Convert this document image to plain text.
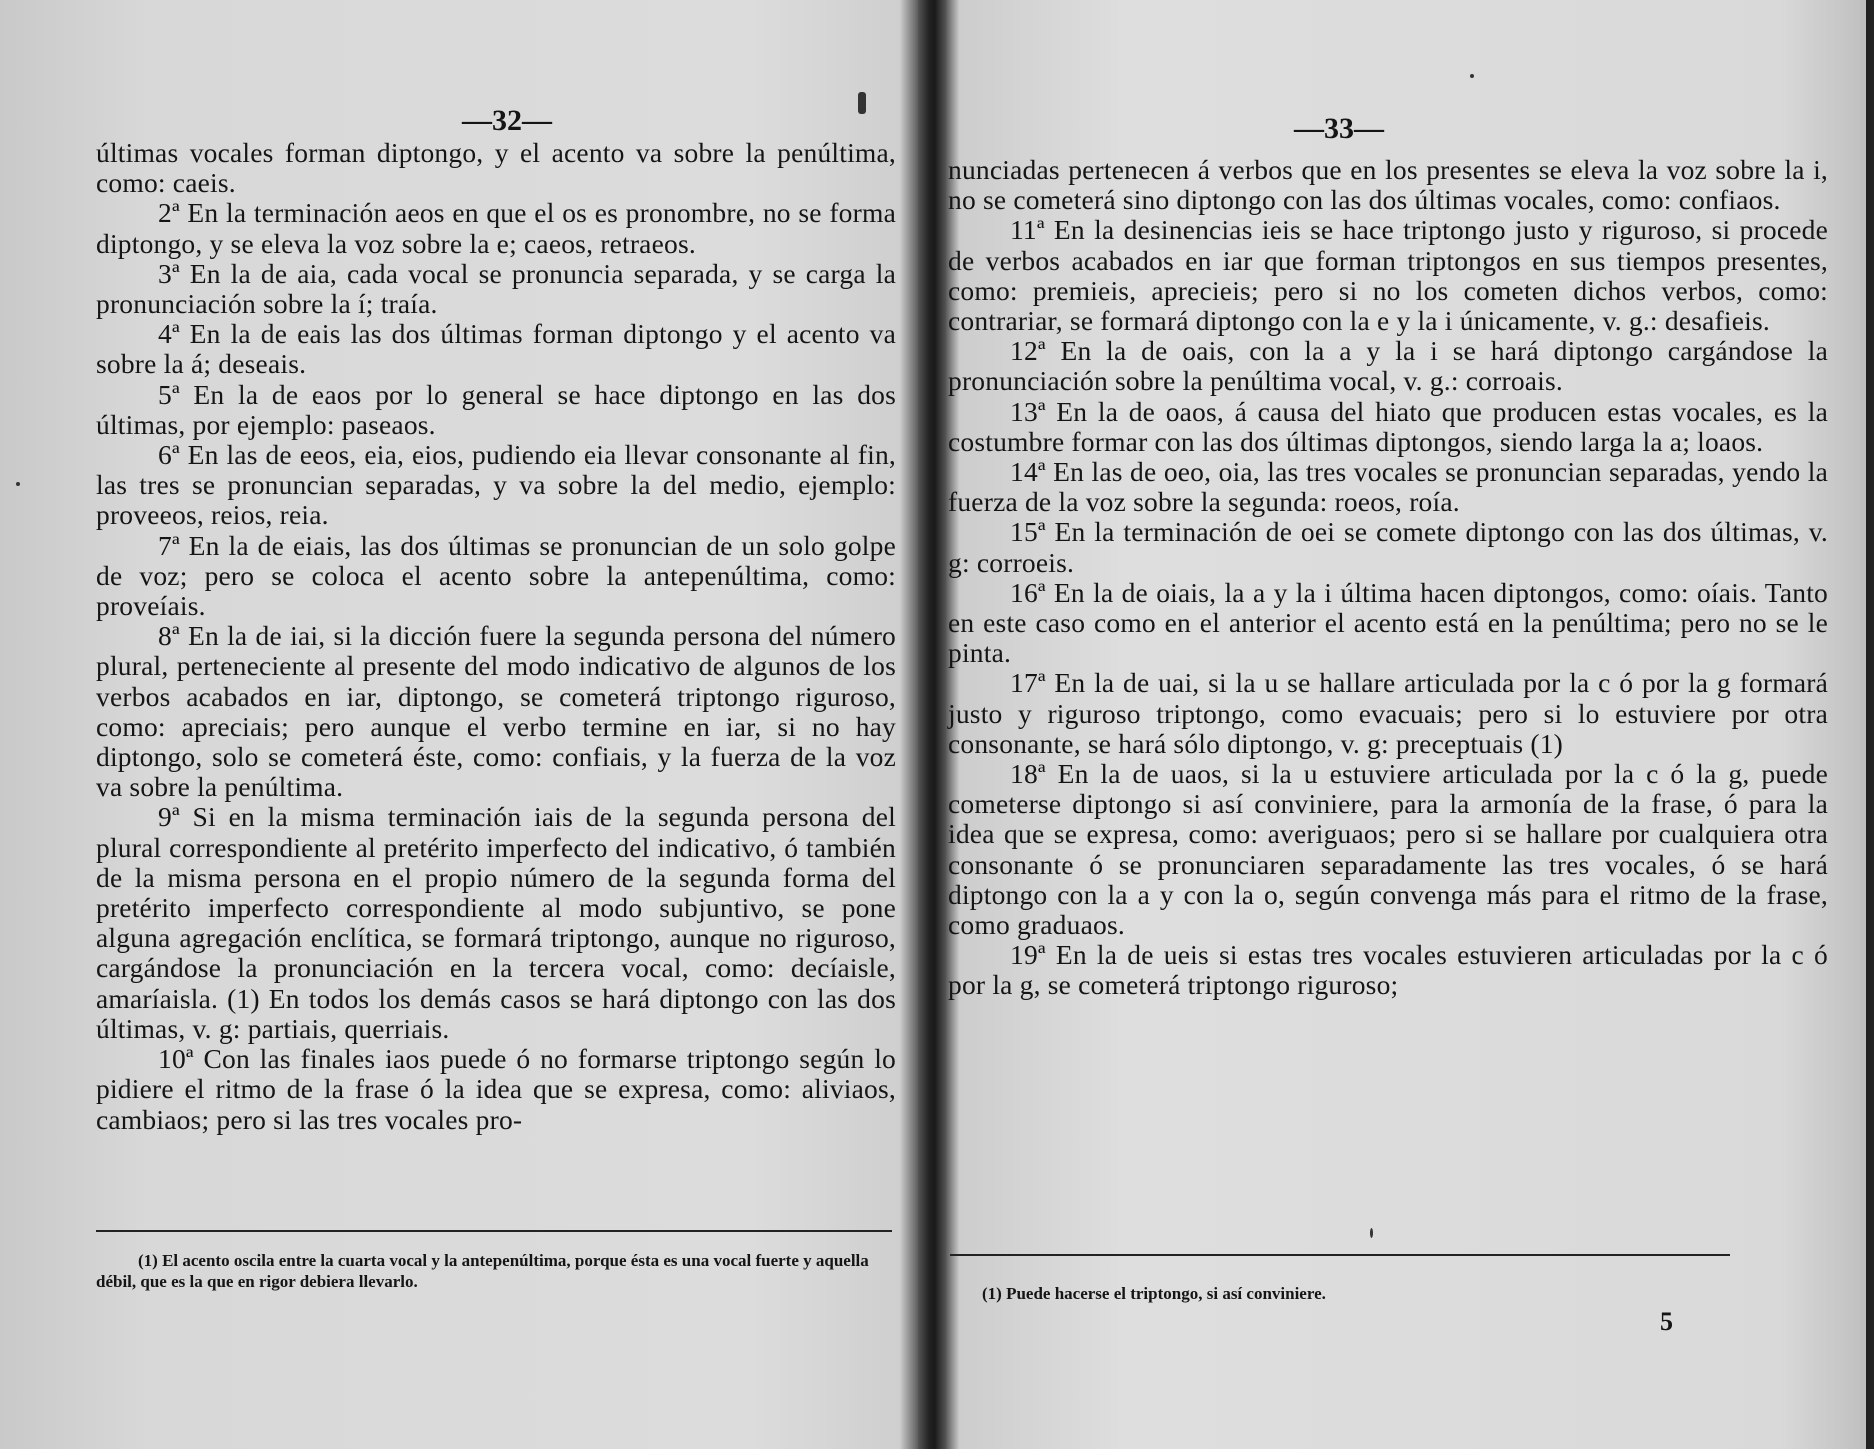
—32—

últimas vocales forman diptongo, y el acento va sobre la penúltima, como: caeis.

2ª En la terminación aeos en que el os es pronombre, no se forma diptongo, y se eleva la voz sobre la e; caeos, retraeos.

3ª En la de aia, cada vocal se pronuncia separada, y se carga la pronunciación sobre la í; traía.

4ª En la de eais las dos últimas forman diptongo y el acento va sobre la á; deseais.

5ª En la de eaos por lo general se hace diptongo en las dos últimas, por ejemplo: paseaos.

6ª En las de eeos, eia, eios, pudiendo eia llevar consonante al fin, las tres se pronuncian separadas, y va sobre la del medio, ejemplo: proveeos, reios, reia.

7ª En la de eiais, las dos últimas se pronuncian de un solo golpe de voz; pero se coloca el acento sobre la antepenúltima, como: proveíais.

8ª En la de iai, si la dicción fuere la segunda persona del número plural, perteneciente al presente del modo indicativo de algunos de los verbos acabados en iar, diptongo, se cometerá triptongo riguroso, como: apreciais; pero aunque el verbo termine en iar, si no hay diptongo, solo se cometerá éste, como: confiais, y la fuerza de la voz va sobre la penúltima.

9ª Si en la misma terminación iais de la segunda persona del plural correspondiente al pretérito imperfecto del indicativo, ó también de la misma persona en el propio número de la segunda forma del pretérito imperfecto correspondiente al modo subjuntivo, se pone alguna agregación enclítica, se formará triptongo, aunque no riguroso, cargándose la pronunciación en la tercera vocal, como: decíaisle, amaríaisla. (1) En todos los demás casos se hará diptongo con las dos últimas, v. g: partiais, querriais.

10ª Con las finales iaos puede ó no formarse triptongo según lo pidiere el ritmo de la frase ó la idea que se expresa, como: aliviaos, cambiaos; pero si las tres vocales pro-

(1) El acento oscila entre la cuarta vocal y la antepenúltima, porque ésta es una vocal fuerte y aquella débil, que es la que en rigor debiera llevarlo.
—33—

nunciadas pertenecen á verbos que en los presentes se eleva la voz sobre la i, no se cometerá sino diptongo con las dos últimas vocales, como: confiaos.

11ª En la desinencias ieis se hace triptongo justo y riguroso, si procede de verbos acabados en iar que forman triptongos en sus tiempos presentes, como: premieis, aprecieis; pero si no los cometen dichos verbos, como: contrariar, se formará diptongo con la e y la i únicamente, v. g.: desafieis.

12ª En la de oais, con la a y la i se hará diptongo cargándose la pronunciación sobre la penúltima vocal, v. g.: corroais.

13ª En la de oaos, á causa del hiato que producen estas vocales, es la costumbre formar con las dos últimas diptongos, siendo larga la a; loaos.

14ª En las de oeo, oia, las tres vocales se pronuncian separadas, yendo la fuerza de la voz sobre la segunda: roeos, roía.

15ª En la terminación de oei se comete diptongo con las dos últimas, v. g: corroeis.

16ª En la de oiais, la a y la i última hacen diptongos, como: oíais. Tanto en este caso como en el anterior el acento está en la penúltima; pero no se le pinta.

17ª En la de uai, si la u se hallare articulada por la c ó por la g formará justo y riguroso triptongo, como evacuais; pero si lo estuviere por otra consonante, se hará sólo diptongo, v. g: preceptuais (1)

18ª En la de uaos, si la u estuviere articulada por la c ó la g, puede cometerse diptongo si así conviniere, para la armonía de la frase, ó para la idea que se expresa, como: averiguaos; pero si se hallare por cualquiera otra consonante ó se pronunciaren separadamente las tres vocales, ó se hará diptongo con la a y con la o, según convenga más para el ritmo de la frase, como graduaos.

19ª En la de ueis si estas tres vocales estuvieren articuladas por la c ó por la g, se cometerá triptongo riguroso;

(1) Puede hacerse el triptongo, si así conviniere.
5
